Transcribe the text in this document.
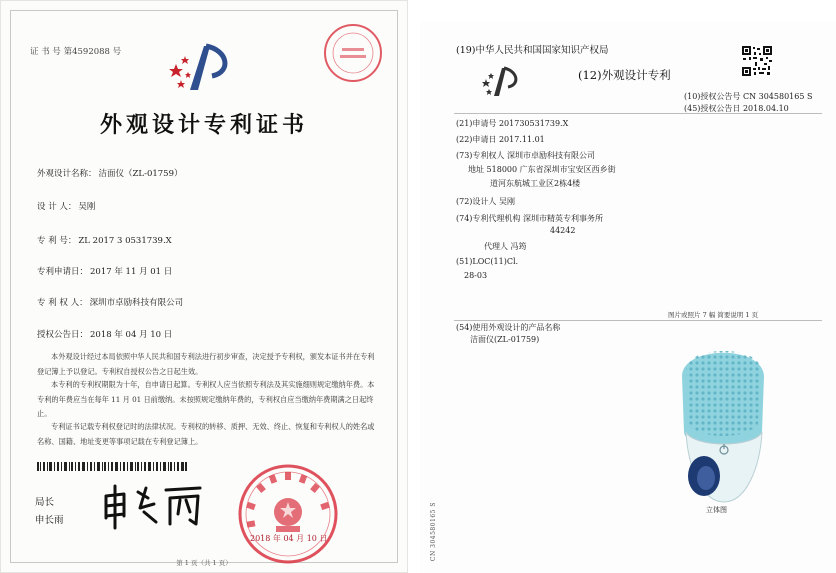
证 书 号 第4592088 号
外观设计专利证书
外观设计名称： 洁面仪（ZL-01759）
设 计 人： 吴刚
专 利 号： ZL 2017 3 0531739.X
专利申请日： 2017 年 11 月 01 日
专 利 权 人： 深圳市卓励科技有限公司
授权公告日： 2018 年 04 月 10 日
本外观设计经过本局依照中华人民共和国专利法进行初步审查，决定授予专利权，颁发本证书并在专利登记簿上予以登记。专利权自授权公告之日起生效。
本专利的专利权期限为十年，自申请日起算。专利权人应当依照专利法及其实施细则规定缴纳年费。本专利的年费应当在每年 11 月 01 日前缴纳。未按照规定缴纳年费的，专利权自应当缴纳年费期满之日起终止。
专利证书记载专利权登记时的法律状况。专利权的转移、质押、无效、终止、恢复和专利权人的姓名或名称、国籍、地址变更等事项记载在专利登记簿上。
局长
申长雨
2018 年 04 月 10 日
第 1 页（共 1 页）
(19)中华人民共和国国家知识产权局
(12)外观设计专利
(10)授权公告号 CN 304580165 S
(45)授权公告日 2018.04.10
(21)申请号 201730531739.X
(22)申请日 2017.11.01
(73)专利权人 深圳市卓励科技有限公司
地址 518000 广东省深圳市宝安区西乡街
道河东航城工业区2栋4楼
(72)设计人 吴刚
(74)专利代理机构 深圳市精英专利事务所
44242
代理人 冯筠
(51)LOC(11)Cl.
28-03
图片或照片 7 幅 简要说明 1 页
(54)使用外观设计的产品名称
洁面仪(ZL-01759)
立体图
CN 304580165 S
